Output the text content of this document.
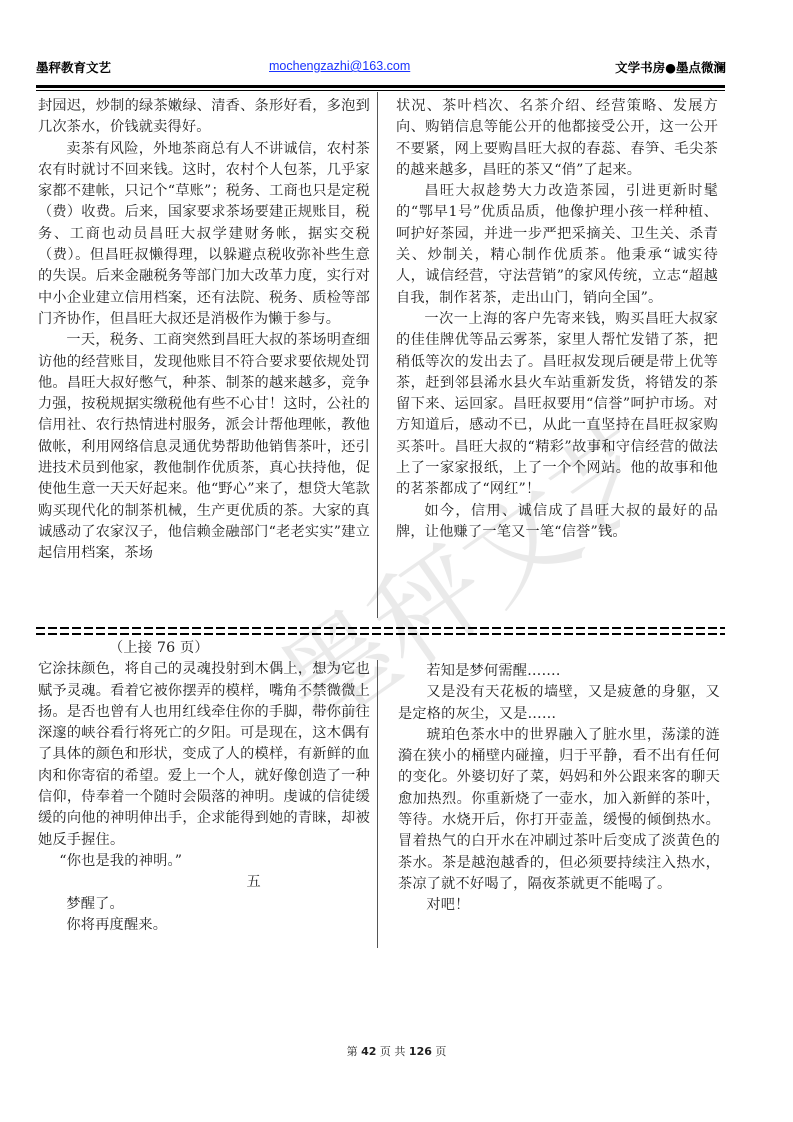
墨秤教育文艺	mochengzazhi@163.com	文学书房●墨点微澜
墨秤文艺

封园迟，炒制的绿茶嫩绿、清香、条形好看，多泡到几次茶水，价钱就卖得好。

卖茶有风险，外地茶商总有人不讲诚信，农村茶农有时就讨不回来钱。这时，农村个人包茶，几乎家家都不建帐，只记个“草账”；税务、工商也只是定税（费）收费。后来，国家要求茶场要建正规账目，税务、工商也动员昌旺大叔学建财务帐，据实交税（费）。但昌旺叔懒得理，以躲避点税收弥补些生意的失误。后来金融税务等部门加大改革力度，实行对中小企业建立信用档案，还有法院、税务、质检等部门齐协作，但昌旺大叔还是消极作为懒于参与。

一天，税务、工商突然到昌旺大叔的茶场明查细访他的经营账目，发现他账目不符合要求要依规处罚他。昌旺大叔好憋气，种茶、制茶的越来越多，竞争力强，按税规据实缴税他有些不心甘！这时，公社的信用社、农行热情进村服务，派会计帮他理帐，教他做帐，利用网络信息灵通优势帮助他销售茶叶，还引进技术员到他家，教他制作优质茶，真心扶持他，促使他生意一天天好起来。他“野心”来了，想贷大笔款购买现代化的制茶机械，生产更优质的茶。大家的真诚感动了农家汉子，他信赖金融部门“老老实实”建立起信用档案，茶场

状况、茶叶档次、名茶介绍、经营策略、发展方向、购销信息等能公开的他都接受公开，这一公开不要紧，网上要购昌旺大叔的春蕊、春笋、毛尖茶的越来越多，昌旺的茶又“俏”了起来。

昌旺大叔趁势大力改造茶园，引进更新时髦的“鄂早1号”优质品质，他像护理小孩一样种植、呵护好茶园，并进一步严把采摘关、卫生关、杀青关、炒制关，精心制作优质茶。他秉承“诚实待人，诚信经营，守法营销”的家风传统，立志“超越自我，制作茗茶，走出山门，销向全国”。

一次一上海的客户先寄来钱，购买昌旺大叔家的佳佳牌优等品云雾茶，家里人帮忙发错了茶，把稍低等次的发出去了。昌旺叔发现后硬是带上优等茶，赶到邻县浠水县火车站重新发货，将错发的茶留下来、运回家。昌旺叔要用“信誉”呵护市场。对方知道后，感动不已，从此一直坚持在昌旺叔家购买茶叶。昌旺大叔的“精彩”故事和守信经营的做法上了一家家报纸，上了一个个网站。他的故事和他的茗茶都成了“网红”！

如今，信用、诚信成了昌旺大叔的最好的品牌，让他赚了一笔又一笔“信誉”钱。

（上接 76 页）

它涂抹颜色，将自己的灵魂投射到木偶上，想为它也赋予灵魂。看着它被你摆弄的模样，嘴角不禁微微上扬。是否也曾有人也用红线牵住你的手脚，带你前往深邃的峡谷看行将死亡的夕阳。可是现在，这木偶有了具体的颜色和形状，变成了人的模样，有新鲜的血肉和你寄宿的希望。爱上一个人，就好像创造了一种信仰，侍奉着一个随时会陨落的神明。虔诚的信徒缓缓的向他的神明伸出手，企求能得到她的青睐，却被她反手握住。

“你也是我的神明。”

五

梦醒了。

你将再度醒来。

若知是梦何需醒…….

又是没有天花板的墙壁，又是疲惫的身躯，又是定格的灰尘，又是……

琥珀色茶水中的世界融入了脏水里，荡漾的涟漪在狭小的桶壁内碰撞，归于平静，看不出有任何的变化。外婆切好了菜，妈妈和外公跟来客的聊天愈加热烈。你重新烧了一壶水，加入新鲜的茶叶，等待。水烧开后，你打开壶盖，缓慢的倾倒热水。冒着热气的白开水在冲刷过茶叶后变成了淡黄色的茶水。茶是越泡越香的，但必须要持续注入热水，茶凉了就不好喝了，隔夜茶就更不能喝了。

对吧！

第 42 页 共 126 页
